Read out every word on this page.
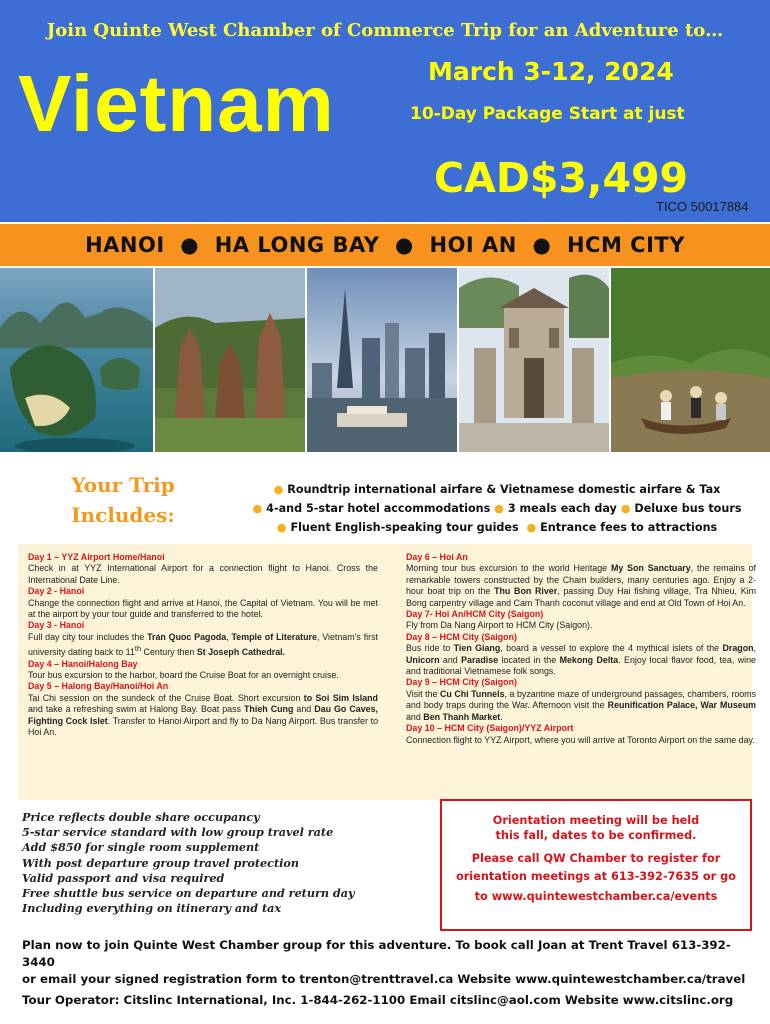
Join Quinte West Chamber of Commerce Trip for an Adventure to…
Vietnam	March 3-12, 2024
10-Day Package Start at just
CAD$3,499
TICO 50017884
HANOI ● HA LONG BAY ● HOI AN ● HCM CITY
Your Trip
Includes:
● Roundtrip international airfare & Vietnamese domestic airfare & Tax
● 4-and 5-star hotel accommodations ● 3 meals each day ● Deluxe bus tours
● Fluent English-speaking tour guides ● Entrance fees to attractions
Day 1 – YYZ Airport Home/Hanoi
Check in at YYZ International Airport for a connection flight to Hanoi. Cross the International Date Line.
Day 2 - Hanoi
Change the connection flight and arrive at Hanoi, the Capital of Vietnam. You will be met at the airport by your tour guide and transferred to the hotel.
Day 3 - Hanoi
Full day city tour includes the Tran Quoc Pagoda, Temple of Literature, Vietnam’s first university dating back to 11th Century then St Joseph Cathedral.
Day 4 – Hanoi/Halong Bay
Tour bus excursion to the harbor, board the Cruise Boat for an overnight cruise.
Day 5 – Halong Bay/Hanoi/Hoi An
Tai Chi session on the sundeck of the Cruise Boat. Short excursion to Soi Sim Island and take a refreshing swim at Halong Bay. Boat pass Thieh Cung and Dau Go Caves, Fighting Cock Islet. Transfer to Hanoi Airport and fly to Da Nang Airport. Bus transfer to Hoi An.
Day 6 – Hoi An
Morning tour bus excursion to the world Heritage My Son Sanctuary, the remains of remarkable towers constructed by the Cham builders, many centuries ago. Enjoy a 2-hour boat trip on the Thu Bon River, passing Duy Hai fishing village, Tra Nhieu, Kim Bong carpentry village and Cam Thanh coconut village and end at Old Town of Hoi An.
Day 7- Hoi An/HCM City (Saigon)
Fly from Da Nang Airport to HCM City (Saigon).
Day 8 – HCM City (Saigon)
Bus ride to Tien Giang, board a vessel to explore the 4 mythical islets of the Dragon, Unicorn and Paradise located in the Mekong Delta. Enjoy local flavor food, tea, wine and traditional Vietnamese folk songs.
Day 9 – HCM City (Saigon)
Visit the Cu Chi Tunnels, a byzantine maze of underground passages, chambers, rooms and body traps during the War. Afternoon visit the Reunification Palace, War Museum and Ben Thanh Market.
Day 10 – HCM City (Saigon)/YYZ Airport
Connection flight to YYZ Airport, where you will arrive at Toronto Airport on the same day.
Price reflects double share occupancy
5-star service standard with low group travel rate
Add $850 for single room supplement
With post departure group travel protection
Valid passport and visa required
Free shuttle bus service on departure and return day
Including everything on itinerary and tax

Orientation meeting will be held

this fall, dates to be confirmed.

Please call QW Chamber to register for

orientation meetings at 613-392-7635 or go

to www.quintewestchamber.ca/events

Plan now to join Quinte West Chamber group for this adventure. To book call Joan at Trent Travel 613-392-3440

or email your signed registration form to trenton@trenttravel.ca Website www.quintewestchamber.ca/travel

Tour Operator: Citslinc International, Inc. 1-844-262-1100 Email citslinc@aol.com Website www.citslinc.org
